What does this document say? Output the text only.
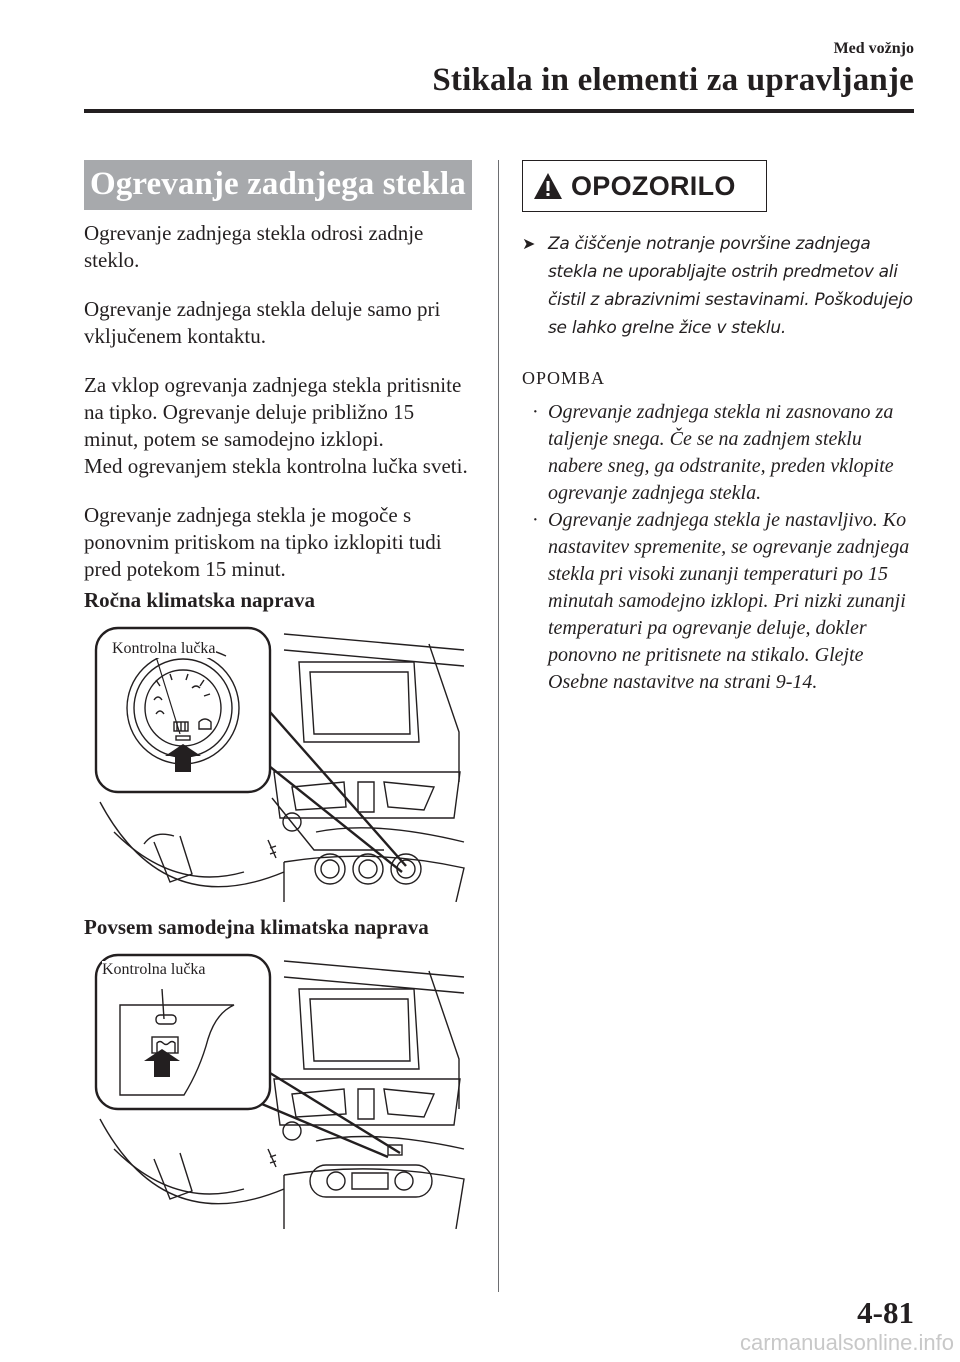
Med vožnjo
Stikala in elementi za upravljanje
Ogrevanje zadnjega stekla

Ogrevanje zadnjega stekla odrosi zadnje steklo.

Ogrevanje zadnjega stekla deluje samo pri vključenem kontaktu.

Za vklop ogrevanja zadnjega stekla pritisnite na tipko. Ogrevanje deluje približno 15 minut, potem se samodejno izklopi.

Med ogrevanjem stekla kontrolna lučka sveti.

Ogrevanje zadnjega stekla je mogoče s ponovnim pritiskom na tipko izklopiti tudi pred potekom 15 minut.

Ročna klimatska naprava
Kontrolna lučka
Povsem samodejna klimatska naprava
Kontrolna lučka
OPOZORILO
➤ Za čiščenje notranje površine zadnjega stekla ne uporabljajte ostrih predmetov ali čistil z abrazivnimi sestavinami. Poškodujejo se lahko grelne žice v steklu.
OPOMBA
· Ogrevanje zadnjega stekla ni zasnovano za taljenje snega. Če se na zadnjem steklu nabere sneg, ga odstranite, preden vklopite ogrevanje zadnjega stekla.
· Ogrevanje zadnjega stekla je nastavljivo. Ko nastavitev spremenite, se ogrevanje zadnjega stekla pri visoki zunanji temperaturi po 15 minutah samodejno izklopi. Pri nizki zunanji temperaturi pa ogrevanje deluje, dokler ponovno ne pritisnete na stikalo. Glejte Osebne nastavitve na strani 9-14.
4-81
carmanualsonline.info
